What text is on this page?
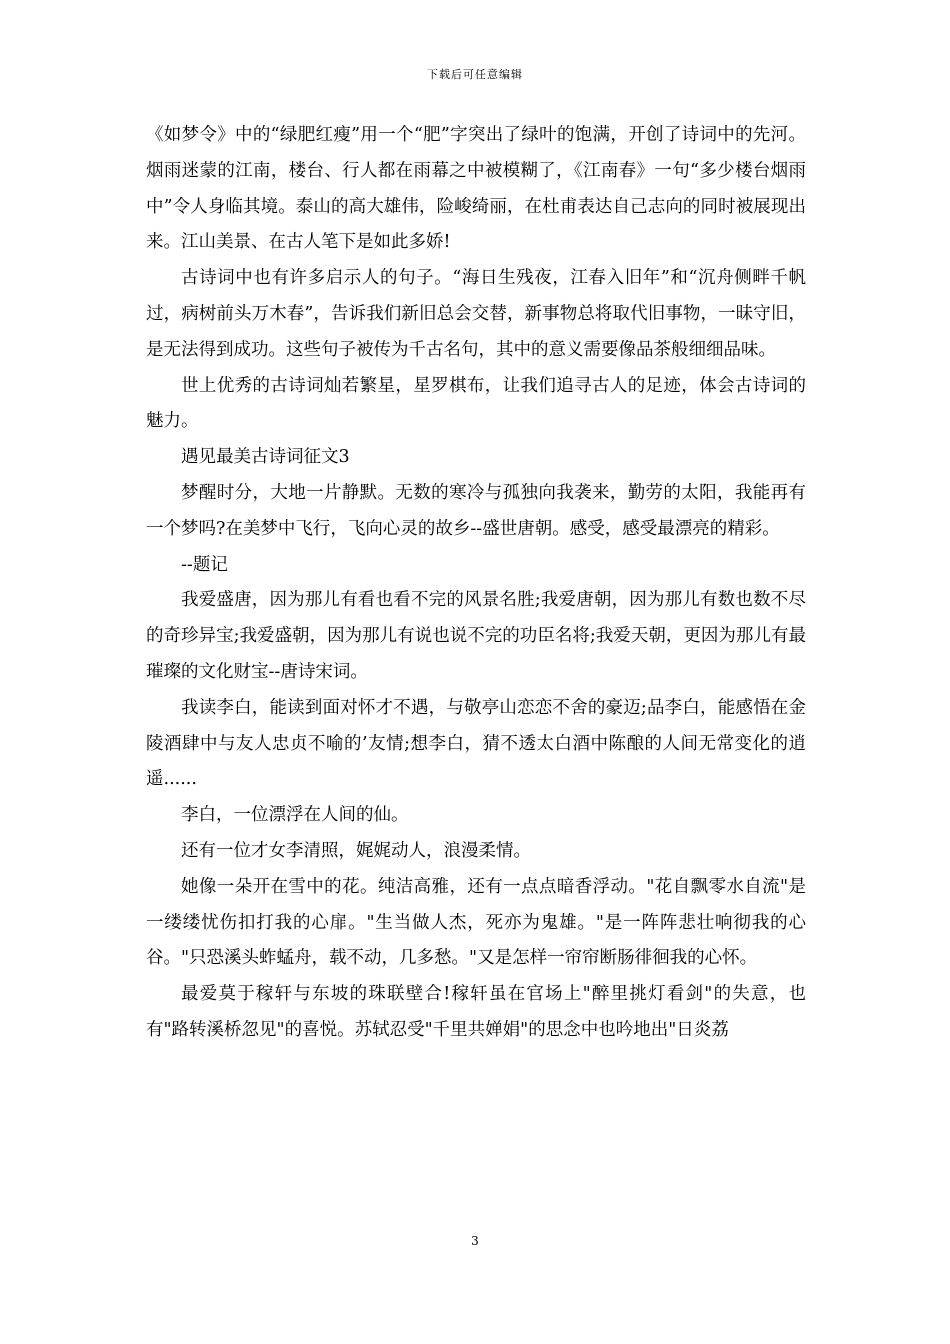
下载后可任意编辑

《如梦令》中的“绿肥红瘦”用一个“肥”字突出了绿叶的饱满，开创了诗词中的先河。烟雨迷蒙的江南，楼台、行人都在雨幕之中被模糊了，《江南春》一句“多少楼台烟雨中”令人身临其境。泰山的高大雄伟，险峻绮丽，在杜甫表达自己志向的同时被展现出来。江山美景、在古人笔下是如此多娇!

古诗词中也有许多启示人的句子。“海日生残夜，江春入旧年”和“沉舟侧畔千帆过，病树前头万木春”，告诉我们新旧总会交替，新事物总将取代旧事物，一昧守旧，是无法得到成功。这些句子被传为千古名句，其中的意义需要像品茶般细细品味。

世上优秀的古诗词灿若繁星，星罗棋布，让我们追寻古人的足迹，体会古诗词的魅力。

遇见最美古诗词征文3

梦醒时分，大地一片静默。无数的寒冷与孤独向我袭来，勤劳的太阳，我能再有一个梦吗?在美梦中飞行，飞向心灵的故乡--盛世唐朝。感受，感受最漂亮的精彩。

--题记

我爱盛唐，因为那儿有看也看不完的风景名胜;我爱唐朝，因为那儿有数也数不尽的奇珍异宝;我爱盛朝，因为那儿有说也说不完的功臣名将;我爱天朝，更因为那儿有最璀璨的文化财宝--唐诗宋词。

我读李白，能读到面对怀才不遇，与敬亭山恋恋不舍的豪迈;品李白，能感悟在金陵酒肆中与友人忠贞不喻的’友情;想李白，猜不透太白酒中陈酿的人间无常变化的逍遥......

李白，一位漂浮在人间的仙。

还有一位才女李清照，娓娓动人，浪漫柔情。

她像一朵开在雪中的花。纯洁高雅，还有一点点暗香浮动。"花自飘零水自流"是一缕缕忧伤扣打我的心扉。"生当做人杰，死亦为鬼雄。"是一阵阵悲壮响彻我的心谷。"只恐溪头蚱蜢舟，载不动，几多愁。"又是怎样一帘帘断肠徘徊我的心怀。

最爱莫于稼轩与东坡的珠联壁合!稼轩虽在官场上"醉里挑灯看剑"的失意，也有"路转溪桥忽见"的喜悦。苏轼忍受"千里共婵娟"的思念中也吟地出"日炎荔

3
